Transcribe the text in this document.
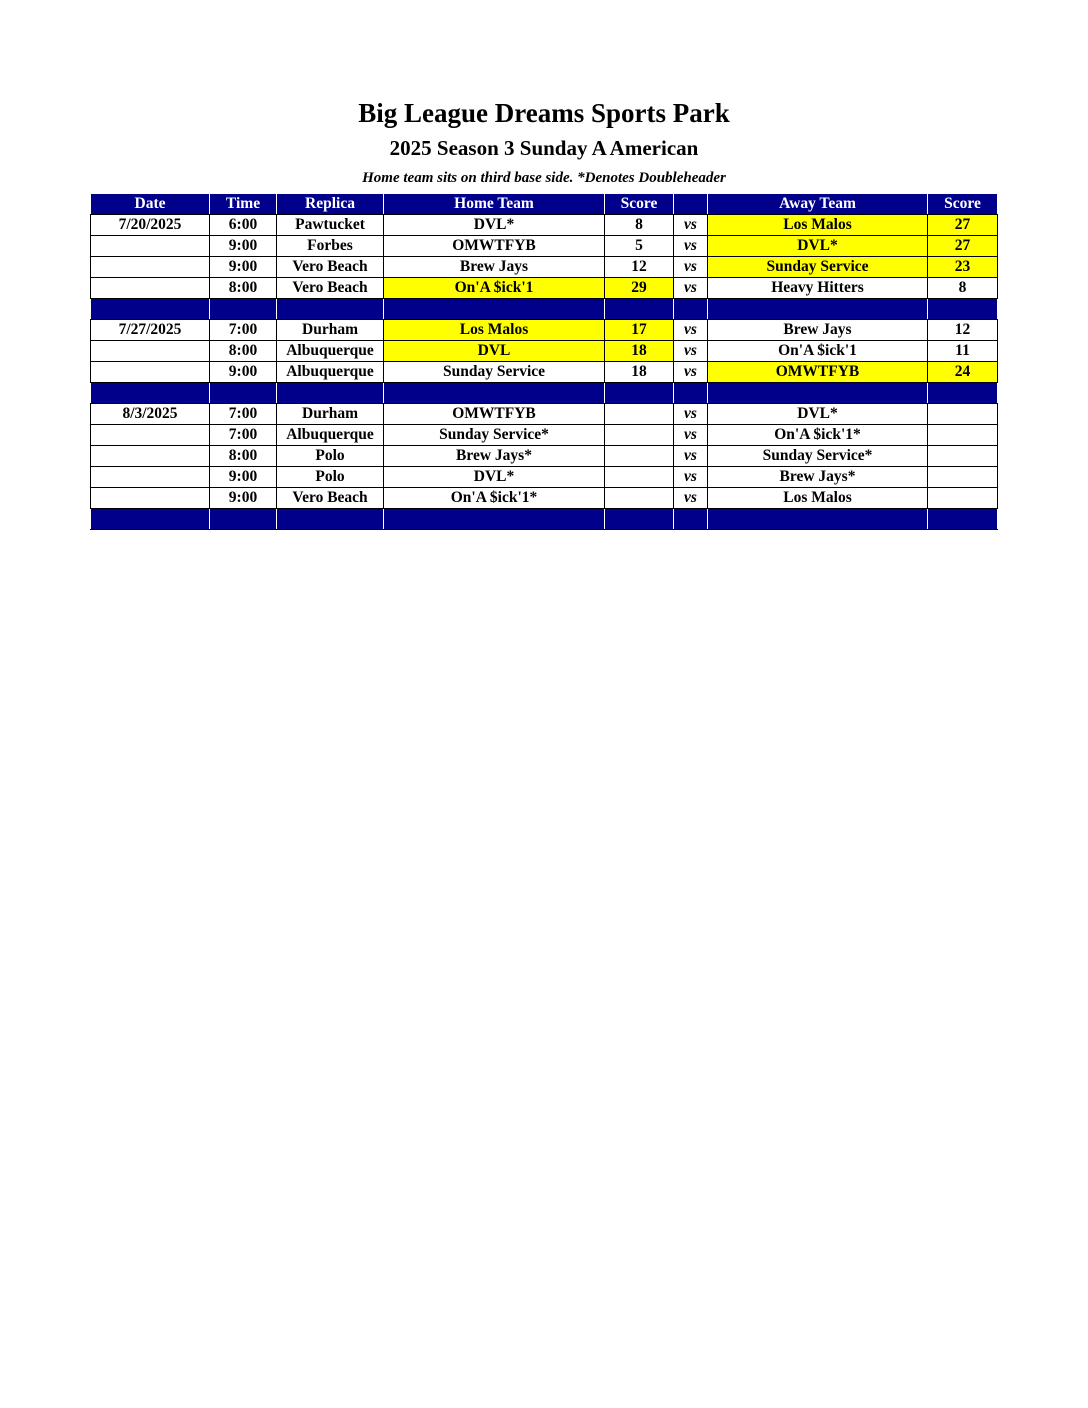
Big League Dreams Sports Park
2025 Season 3 Sunday A American
Home team sits on third base side. *Denotes Doubleheader
Date	Time	Replica	Home Team	Score		Away Team	Score
7/20/2025	6:00	Pawtucket	DVL*	8	vs	Los Malos	27
	9:00	Forbes	OMWTFYB	5	vs	DVL*	27
	9:00	Vero Beach	Brew Jays	12	vs	Sunday Service	23
	8:00	Vero Beach	On'A $ick'1	29	vs	Heavy Hitters	8

7/27/2025	7:00	Durham	Los Malos	17	vs	Brew Jays	12
	8:00	Albuquerque	DVL	18	vs	On'A $ick'1	11
	9:00	Albuquerque	Sunday Service	18	vs	OMWTFYB	24

8/3/2025	7:00	Durham	OMWTFYB		vs	DVL*	
	7:00	Albuquerque	Sunday Service*		vs	On'A $ick'1*	
	8:00	Polo	Brew Jays*		vs	Sunday Service*	
	9:00	Polo	DVL*		vs	Brew Jays*	
	9:00	Vero Beach	On'A $ick'1*		vs	Los Malos	
